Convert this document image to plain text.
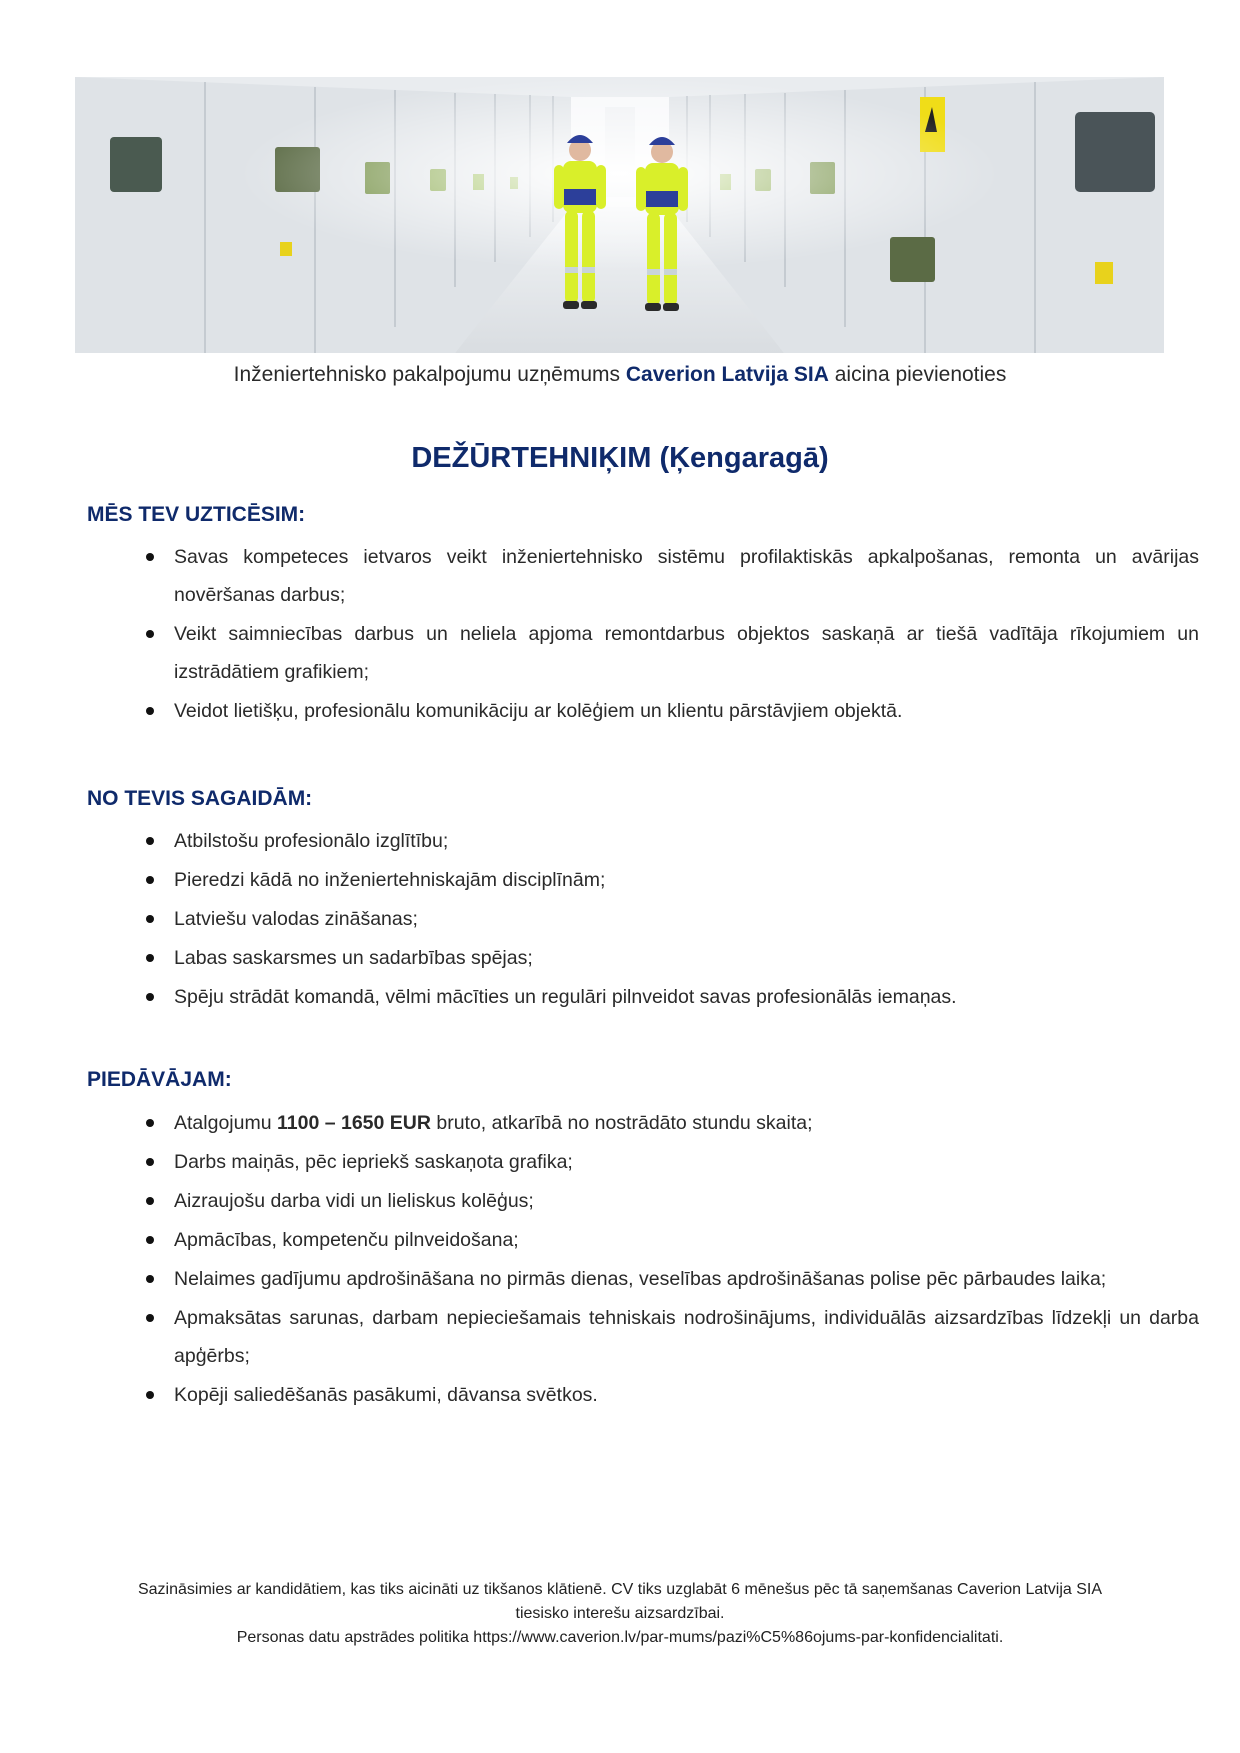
Inženiertehnisko pakalpojumu uzņēmums Caverion Latvija SIA aicina pievienoties
DEŽŪRTEHNIĶIM (Ķengaragā)
MĒS TEV UZTICĒSIM:
Savas kompeteces ietvaros veikt inženiertehnisko sistēmu profilaktiskās apkalpošanas, remonta un avārijas novēršanas darbus;
Veikt saimniecības darbus un neliela apjoma remontdarbus objektos saskaņā ar tiešā vadītāja rīkojumiem un izstrādātiem grafikiem;
Veidot lietišķu, profesionālu komunikāciju ar kolēģiem un klientu pārstāvjiem objektā.
NO TEVIS SAGAIDĀM:
Atbilstošu profesionālo izglītību;
Pieredzi kādā no inženiertehniskajām disciplīnām;
Latviešu valodas zināšanas;
Labas saskarsmes un sadarbības spējas;
Spēju strādāt komandā, vēlmi mācīties un regulāri pilnveidot savas profesionālās iemaņas.
PIEDĀVĀJAM:
Atalgojumu 1100 – 1650 EUR bruto, atkarībā no nostrādāto stundu skaita;
Darbs maiņās, pēc iepriekš saskaņota grafika;
Aizraujošu darba vidi un lieliskus kolēģus;
Apmācības, kompetenču pilnveidošana;
Nelaimes gadījumu apdrošināšana no pirmās dienas, veselības apdrošināšanas polise pēc pārbaudes laika;
Apmaksātas sarunas, darbam nepieciešamais tehniskais nodrošinājums, individuālās aizsardzības līdzekļi un darba apģērbs;
Kopēji saliedēšanās pasākumi, dāvansa svētkos.
Sazināsimies ar kandidātiem, kas tiks aicināti uz tikšanos klātienē. CV tiks uzglabāt 6 mēnešus pēc tā saņemšanas Caverion Latvija SIA
tiesisko interešu aizsardzībai.
Personas datu apstrādes politika https://www.caverion.lv/par-mums/pazi%C5%86ojums-par-konfidencialitati.
